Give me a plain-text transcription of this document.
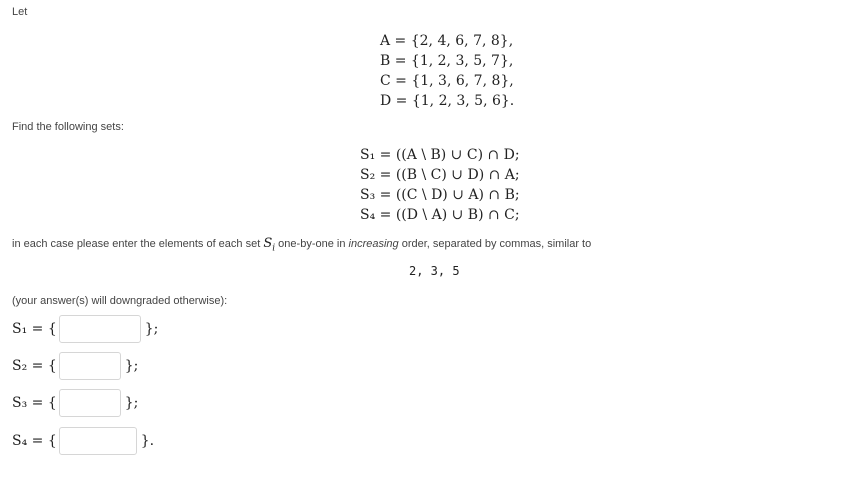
Let
A = {2, 4, 6, 7, 8},
B = {1, 2, 3, 5, 7},
C = {1, 3, 6, 7, 8},
D = {1, 2, 3, 5, 6}.
Find the following sets:
S₁ = ((A \ B) ∪ C) ∩ D;
S₂ = ((B \ C) ∪ D) ∩ A;
S₃ = ((C \ D) ∪ A) ∩ B;
S₄ = ((D \ A) ∪ B) ∩ C;
in each case please enter the elements of each set $S_i$ one-by-one in increasing order, separated by commas, similar to
2, 3, 5
(your answer(s) will downgraded otherwise):
S₁ = {	};
S₂ = {	};
S₃ = {	};
S₄ = {	}.
